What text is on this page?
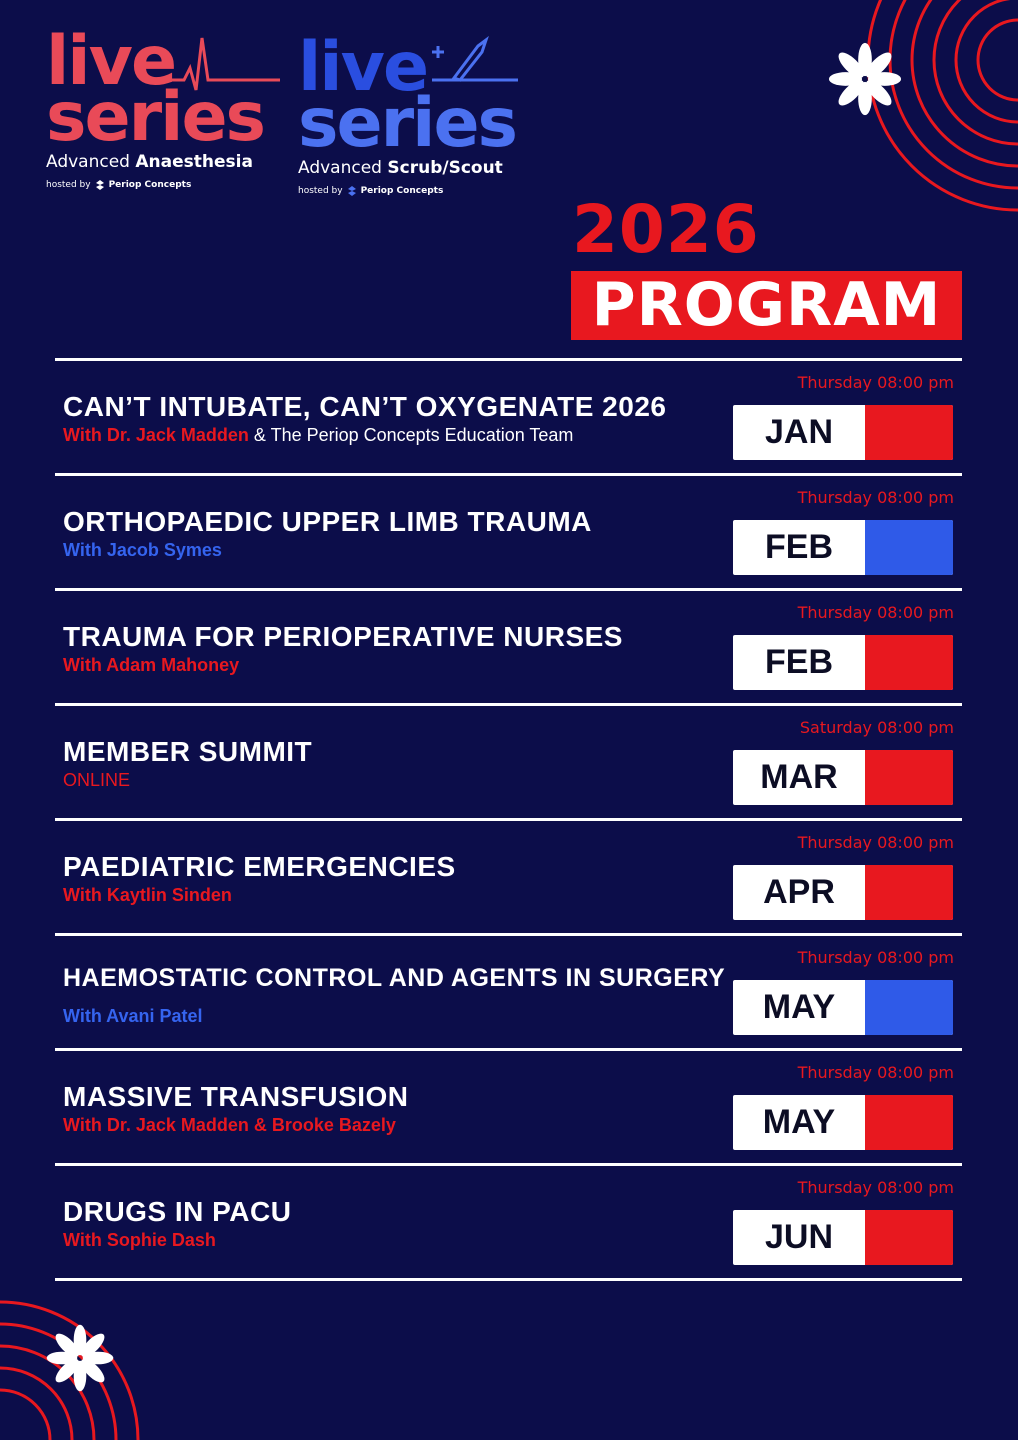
live
series
Advanced Anaesthesia
hosted by Periop Concepts
live
series
Advanced Scrub/Scout
hosted by Periop Concepts 2026
PROGRAM
Thursday 08:00 pm
CAN’T INTUBATE, CAN’T OXYGENATE 2026
With Dr. Jack Madden & The Periop Concepts Education Team	JAN
Thursday 08:00 pm
ORTHOPAEDIC UPPER LIMB TRAUMA
With Jacob Symes	FEB
Thursday 08:00 pm
TRAUMA FOR PERIOPERATIVE NURSES
With Adam Mahoney	FEB
Saturday 08:00 pm
MEMBER SUMMIT
ONLINE	MAR
Thursday 08:00 pm
PAEDIATRIC EMERGENCIES
With Kaytlin Sinden	APR
Thursday 08:00 pm
HAEMOSTATIC CONTROL AND AGENTS IN SURGERY
With Avani Patel	MAY
Thursday 08:00 pm
MASSIVE TRANSFUSION
With Dr. Jack Madden & Brooke Bazely	MAY
Thursday 08:00 pm
DRUGS IN PACU
With Sophie Dash	JUN
